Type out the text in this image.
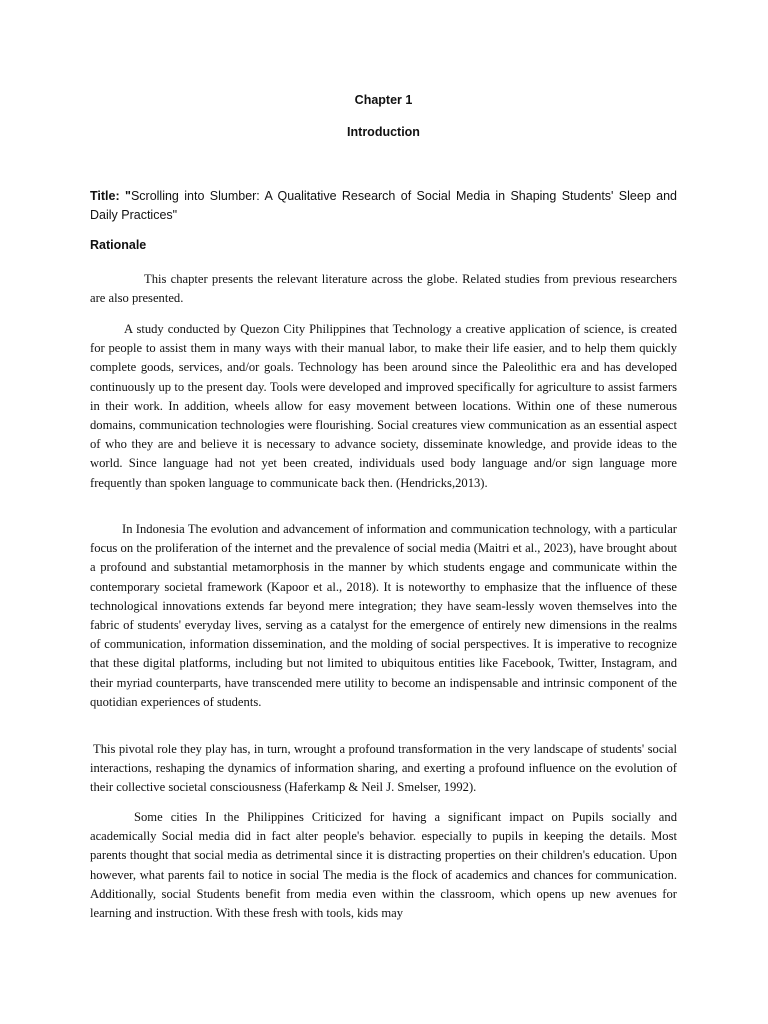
Chapter 1
Introduction
Title: "Scrolling into Slumber: A Qualitative Research of Social Media in Shaping Students' Sleep and Daily Practices"
Rationale

This chapter presents the relevant literature across the globe. Related studies from previous researchers are also presented.

A study conducted by Quezon City Philippines that Technology a creative application of science, is created for people to assist them in many ways with their manual labor, to make their life easier, and to help them quickly complete goods, services, and/or goals. Technology has been around since the Paleolithic era and has developed continuously up to the present day. Tools were developed and improved specifically for agriculture to assist farmers in their work. In addition, wheels allow for easy movement between locations. Within one of these numerous domains, communication technologies were flourishing. Social creatures view communication as an essential aspect of who they are and believe it is necessary to advance society, disseminate knowledge, and provide ideas to the world. Since language had not yet been created, individuals used body language and/or sign language more frequently than spoken language to communicate back then. (Hendricks,2013).

In Indonesia The evolution and advancement of information and communication technology, with a particular focus on the proliferation of the internet and the prevalence of social media (Maitri et al., 2023), have brought about a profound and substantial metamorphosis in the manner by which students engage and communicate within the contemporary societal framework (Kapoor et al., 2018). It is noteworthy to emphasize that the influence of these technological innovations extends far beyond mere integration; they have seam-lessly woven themselves into the fabric of students' everyday lives, serving as a catalyst for the emergence of entirely new dimensions in the realms of communication, information dissemination, and the molding of social perspectives. It is imperative to recognize that these digital platforms, including but not limited to ubiquitous entities like Facebook, Twitter, Instagram, and their myriad counterparts, have transcended mere utility to become an indispensable and intrinsic component of the quotidian experiences of students.

This pivotal role they play has, in turn, wrought a profound transformation in the very landscape of students' social interactions, reshaping the dynamics of information sharing, and exerting a profound influence on the evolution of their collective societal consciousness (Haferkamp & Neil J. Smelser, 1992).

Some cities In the Philippines Criticized for having a significant impact on Pupils socially and academically Social media did in fact alter people's behavior. especially to pupils in keeping the details. Most parents thought that social media as detrimental since it is distracting properties on their children's education. Upon however, what parents fail to notice in social The media is the flock of academics and chances for communication. Additionally, social Students benefit from media even within the classroom, which opens up new avenues for learning and instruction. With these fresh with tools, kids may
